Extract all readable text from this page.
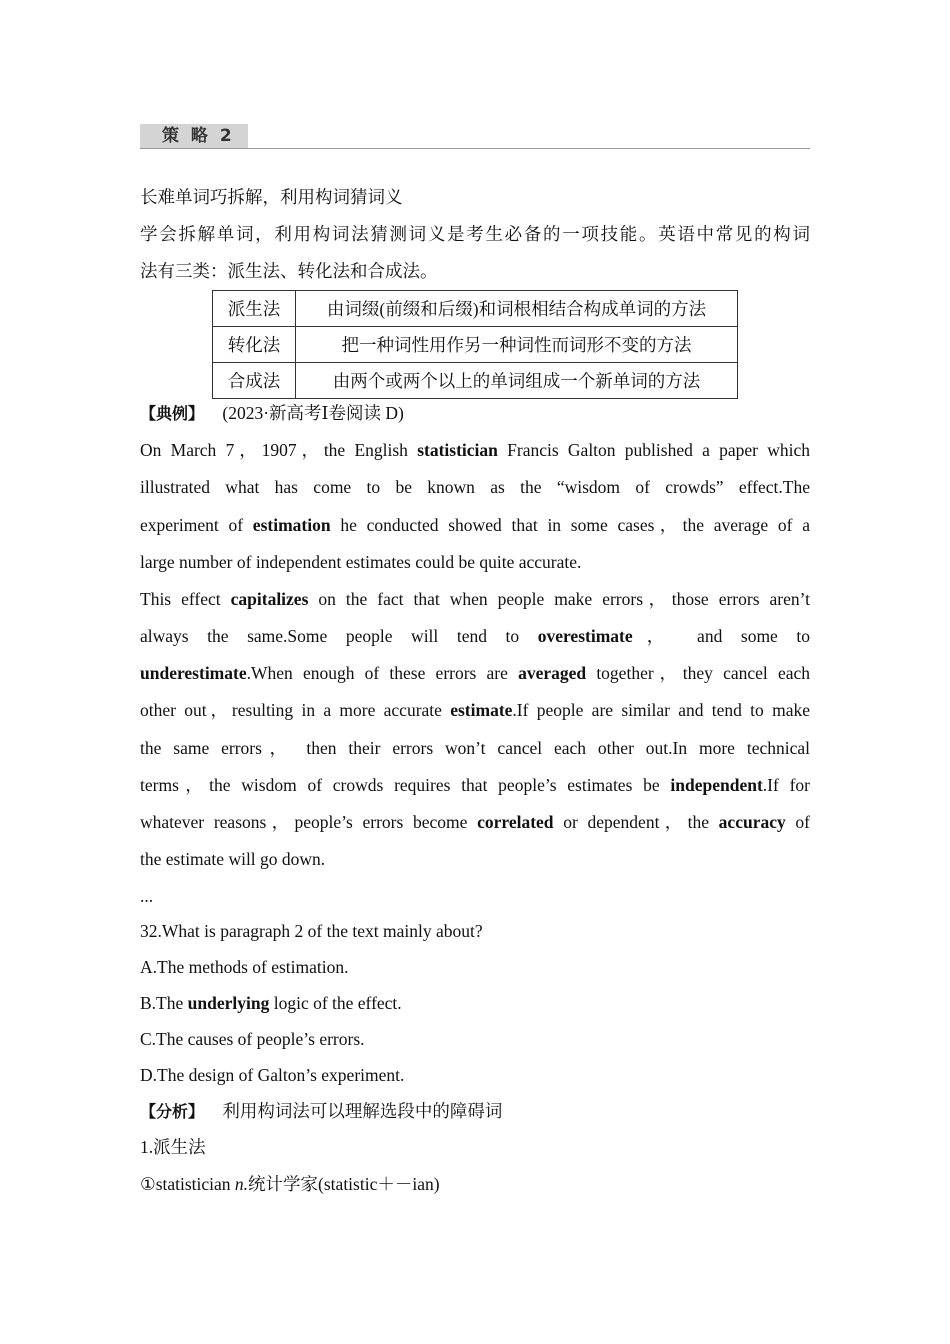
策 略 2
长难单词巧拆解，利用构词猜词义
学会拆解单词，利用构词法猜测词义是考生必备的一项技能。英语中常见的构词
法有三类：派生法、转化法和合成法。
派生法	由词缀(前缀和后缀)和词根相结合构成单词的方法
转化法	把一种词性用作另一种词性而词形不变的方法
合成法	由两个或两个以上的单词组成一个新单词的方法
【典例】 (2023·新高考Ⅰ卷阅读 D)
On March 7，1907，the English statistician Francis Galton published a paper which
illustrated what has come to be known as the “wisdom of crowds” effect.The
experiment of estimation he conducted showed that in some cases，the average of a
large number of independent estimates could be quite accurate.
This effect capitalizes on the fact that when people make errors，those errors aren’t
always the same.Some people will tend to overestimate， and some to
underestimate.When enough of these errors are averaged together，they cancel each
other out，resulting in a more accurate estimate.If people are similar and tend to make
the same errors， then their errors won’t cancel each other out.In more technical
terms，the wisdom of crowds requires that people’s estimates be independent.If for
whatever reasons，people’s errors become correlated or dependent，the accuracy of
the estimate will go down.
...
32.What is paragraph 2 of the text mainly about?
A.The methods of estimation.
B.The underlying logic of the effect.
C.The causes of people’s errors.
D.The design of Galton’s experiment.
【分析】 利用构词法可以理解选段中的障碍词
1.派生法
①statistician n.统计学家(statistic＋－ian)
